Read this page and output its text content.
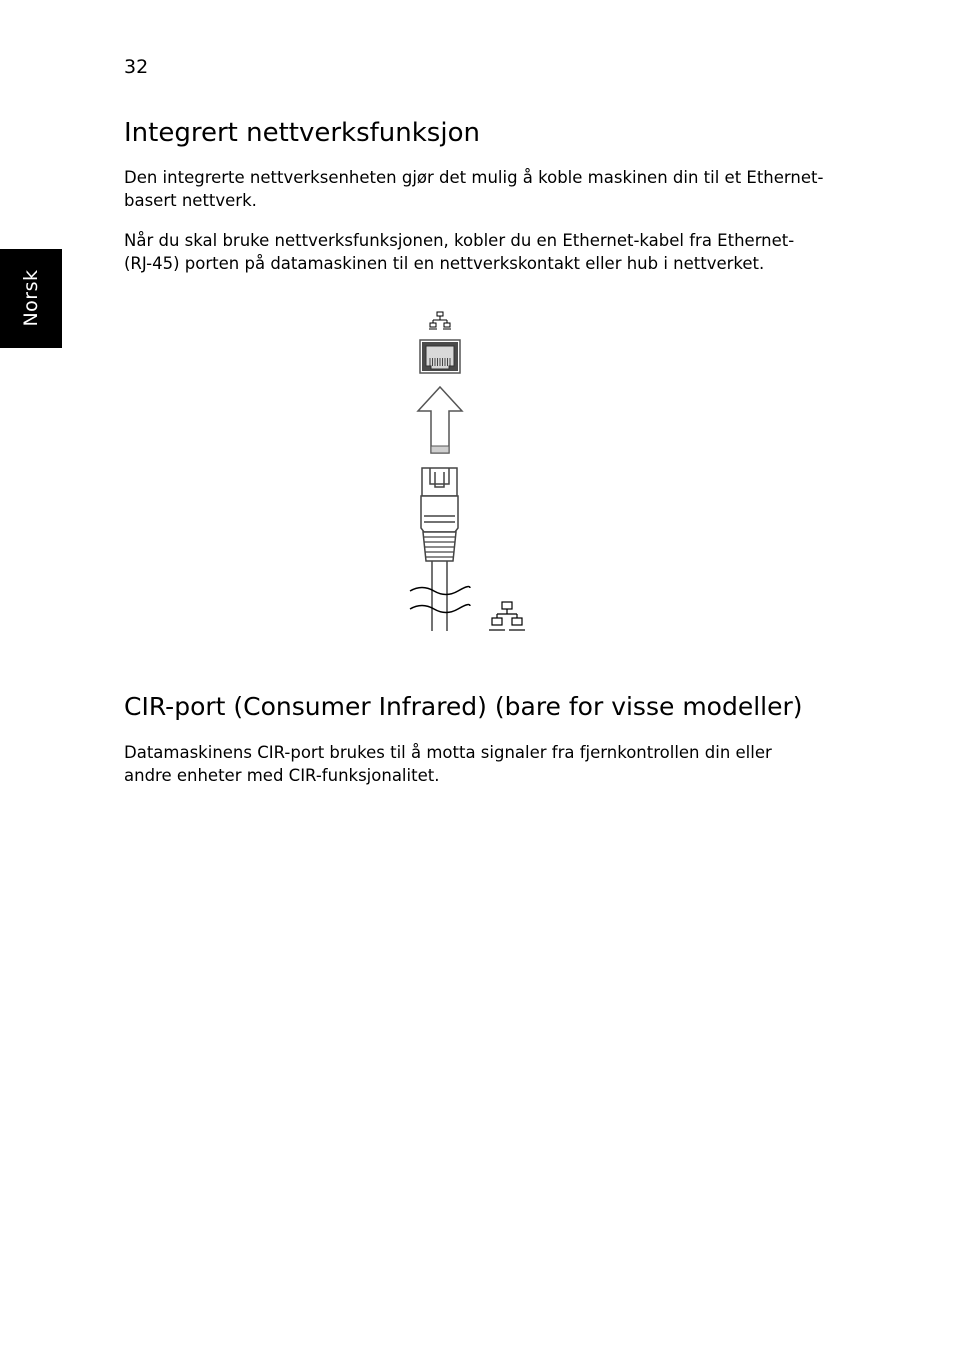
32
Norsk
Integrert nettverksfunksjon

Den integrerte nettverksenheten gjør det mulig å koble maskinen din til et Ethernet-basert nettverk.

Når du skal bruke nettverksfunksjonen, kobler du en Ethernet-kabel fra Ethernet- (RJ-45) porten på datamaskinen til en nettverkskontakt eller hub i nettverket.

CIR-port (Consumer Infrared) (bare for visse modeller)

Datamaskinens CIR-port brukes til å motta signaler fra fjernkontrollen din eller andre enheter med CIR-funksjonalitet.
